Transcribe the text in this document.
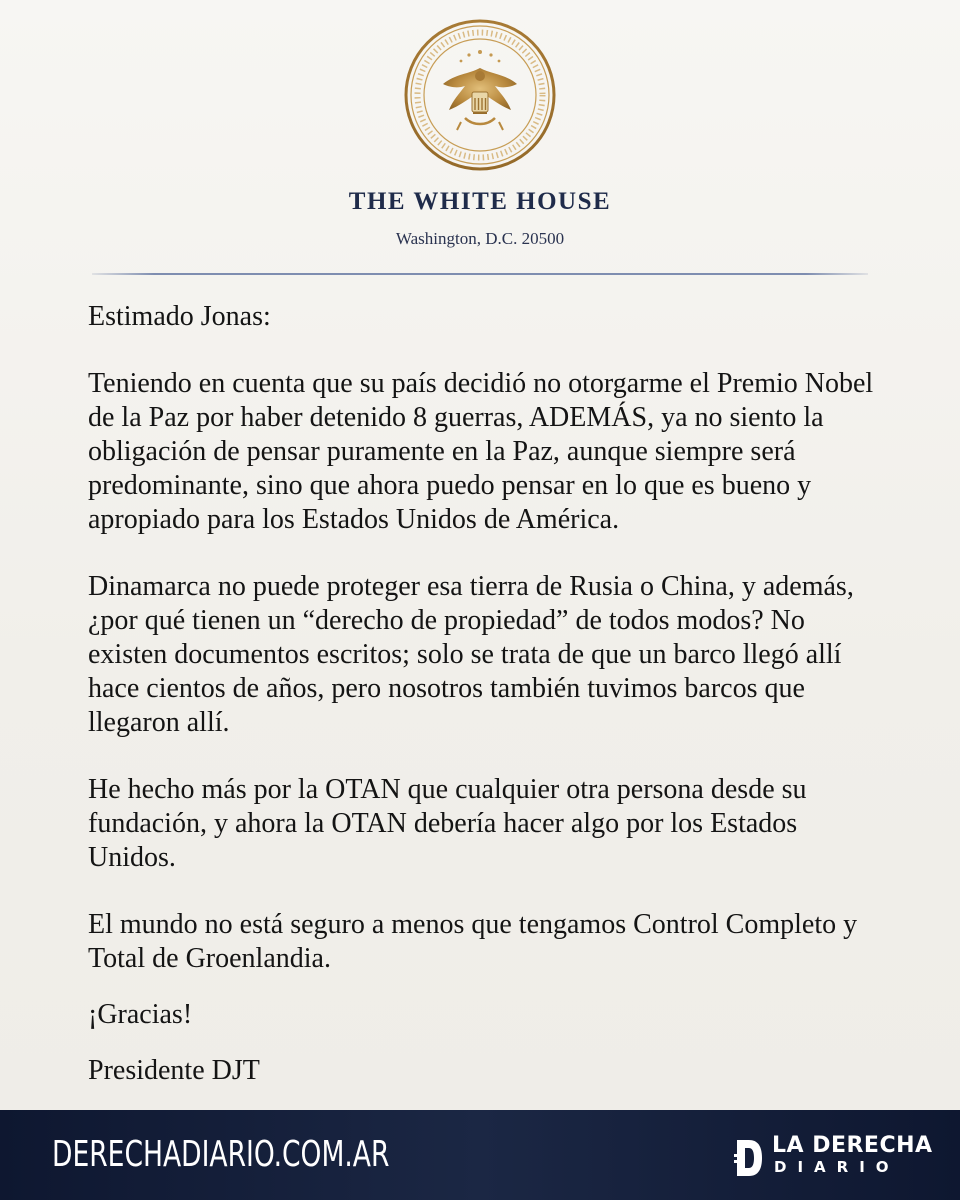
THE WHITE HOUSE
Washington, D.C. 20500

Estimado Jonas:

Teniendo en cuenta que su país decidió no otorgarme el Premio Nobel de la Paz por haber detenido 8 guerras, ADEMÁS, ya no siento la obligación de pensar puramente en la Paz, aunque siempre será predominante, sino que ahora puedo pensar en lo que es bueno y apropiado para los Estados Unidos de América.

Dinamarca no puede proteger esa tierra de Rusia o China, y además, ¿por qué tienen un “derecho de propiedad” de todos modos? No existen documentos escritos; solo se trata de que un barco llegó allí hace cientos de años, pero nosotros también tuvimos barcos que llegaron allí.

He hecho más por la OTAN que cualquier otra persona desde su fundación, y ahora la OTAN debería hacer algo por los Estados Unidos.

El mundo no está seguro a menos que tengamos Control Completo y Total de Groenlandia.

¡Gracias!

Presidente DJT

DERECHADIARIO.COM.AR	LA DERECHA
DIARIO
